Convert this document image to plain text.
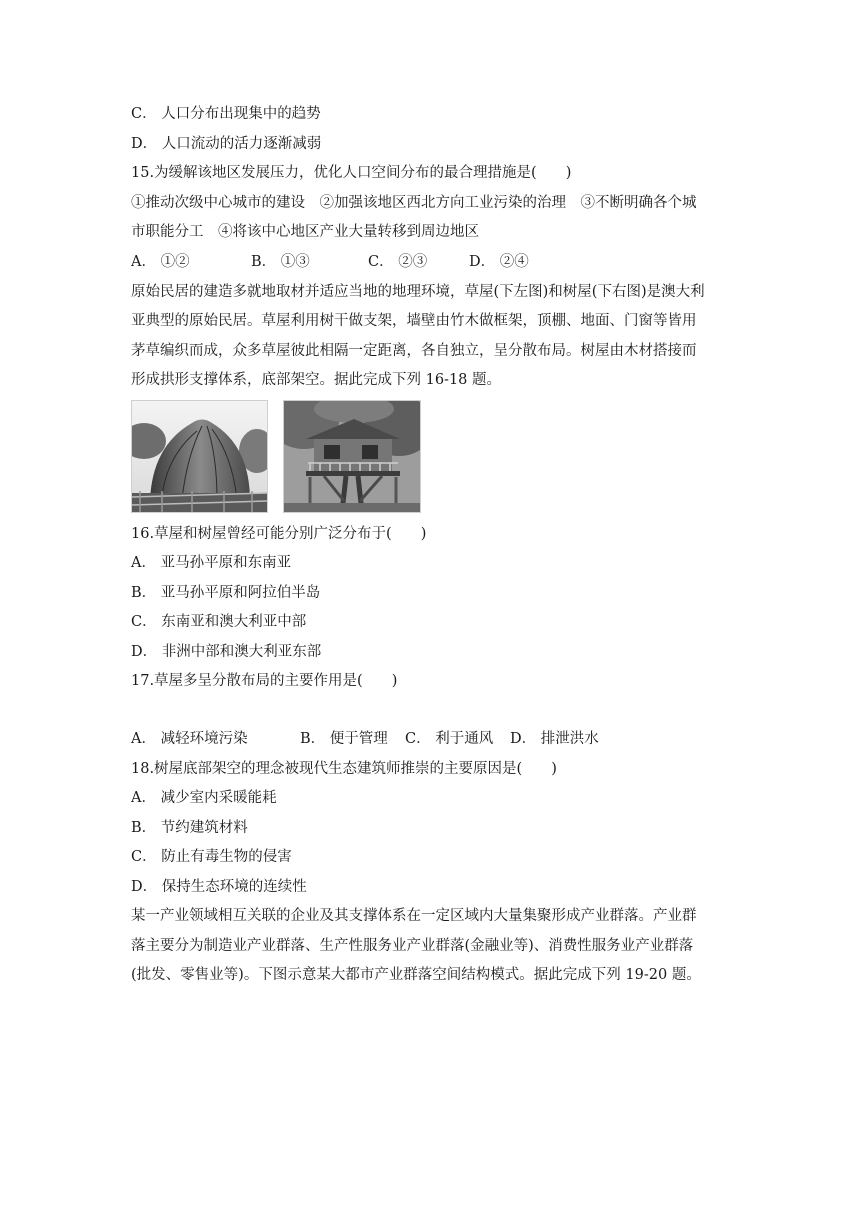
C． 人口分布出现集中的趋势
D． 人口流动的活力逐渐减弱
15.为缓解该地区发展压力，优化人口空间分布的最合理措施是(　　)
①推动次级中心城市的建设　②加强该地区西北方向工业污染的治理　③不断明确各个城
市职能分工　④将该中心地区产业大量转移到周边地区
A． ①②	B． ①③	C． ②③	D． ②④
原始民居的建造多就地取材并适应当地的地理环境，草屋(下左图)和树屋(下右图)是澳大利
亚典型的原始民居。草屋利用树干做支架，墙壁由竹木做框架，顶棚、地面、门窗等皆用
茅草编织而成，众多草屋彼此相隔一定距离，各自独立，呈分散布局。树屋由木材搭接而
形成拱形支撑体系，底部架空。据此完成下列 16-18 题。
16.草屋和树屋曾经可能分别广泛分布于(　　)
A． 亚马孙平原和东南亚
B． 亚马孙平原和阿拉伯半岛
C． 东南亚和澳大利亚中部
D． 非洲中部和澳大利亚东部
17.草屋多呈分散布局的主要作用是(　　)
A． 减轻环境污染	B． 便于管理 C． 利于通风 D． 排泄洪水
18.树屋底部架空的理念被现代生态建筑师推崇的主要原因是(　　)
A． 减少室内采暖能耗
B． 节约建筑材料
C． 防止有毒生物的侵害
D． 保持生态环境的连续性
某一产业领域相互关联的企业及其支撑体系在一定区域内大量集聚形成产业群落。产业群
落主要分为制造业产业群落、生产性服务业产业群落(金融业等)、消费性服务业产业群落
(批发、零售业等)。下图示意某大都市产业群落空间结构模式。据此完成下列 19-20 题。
